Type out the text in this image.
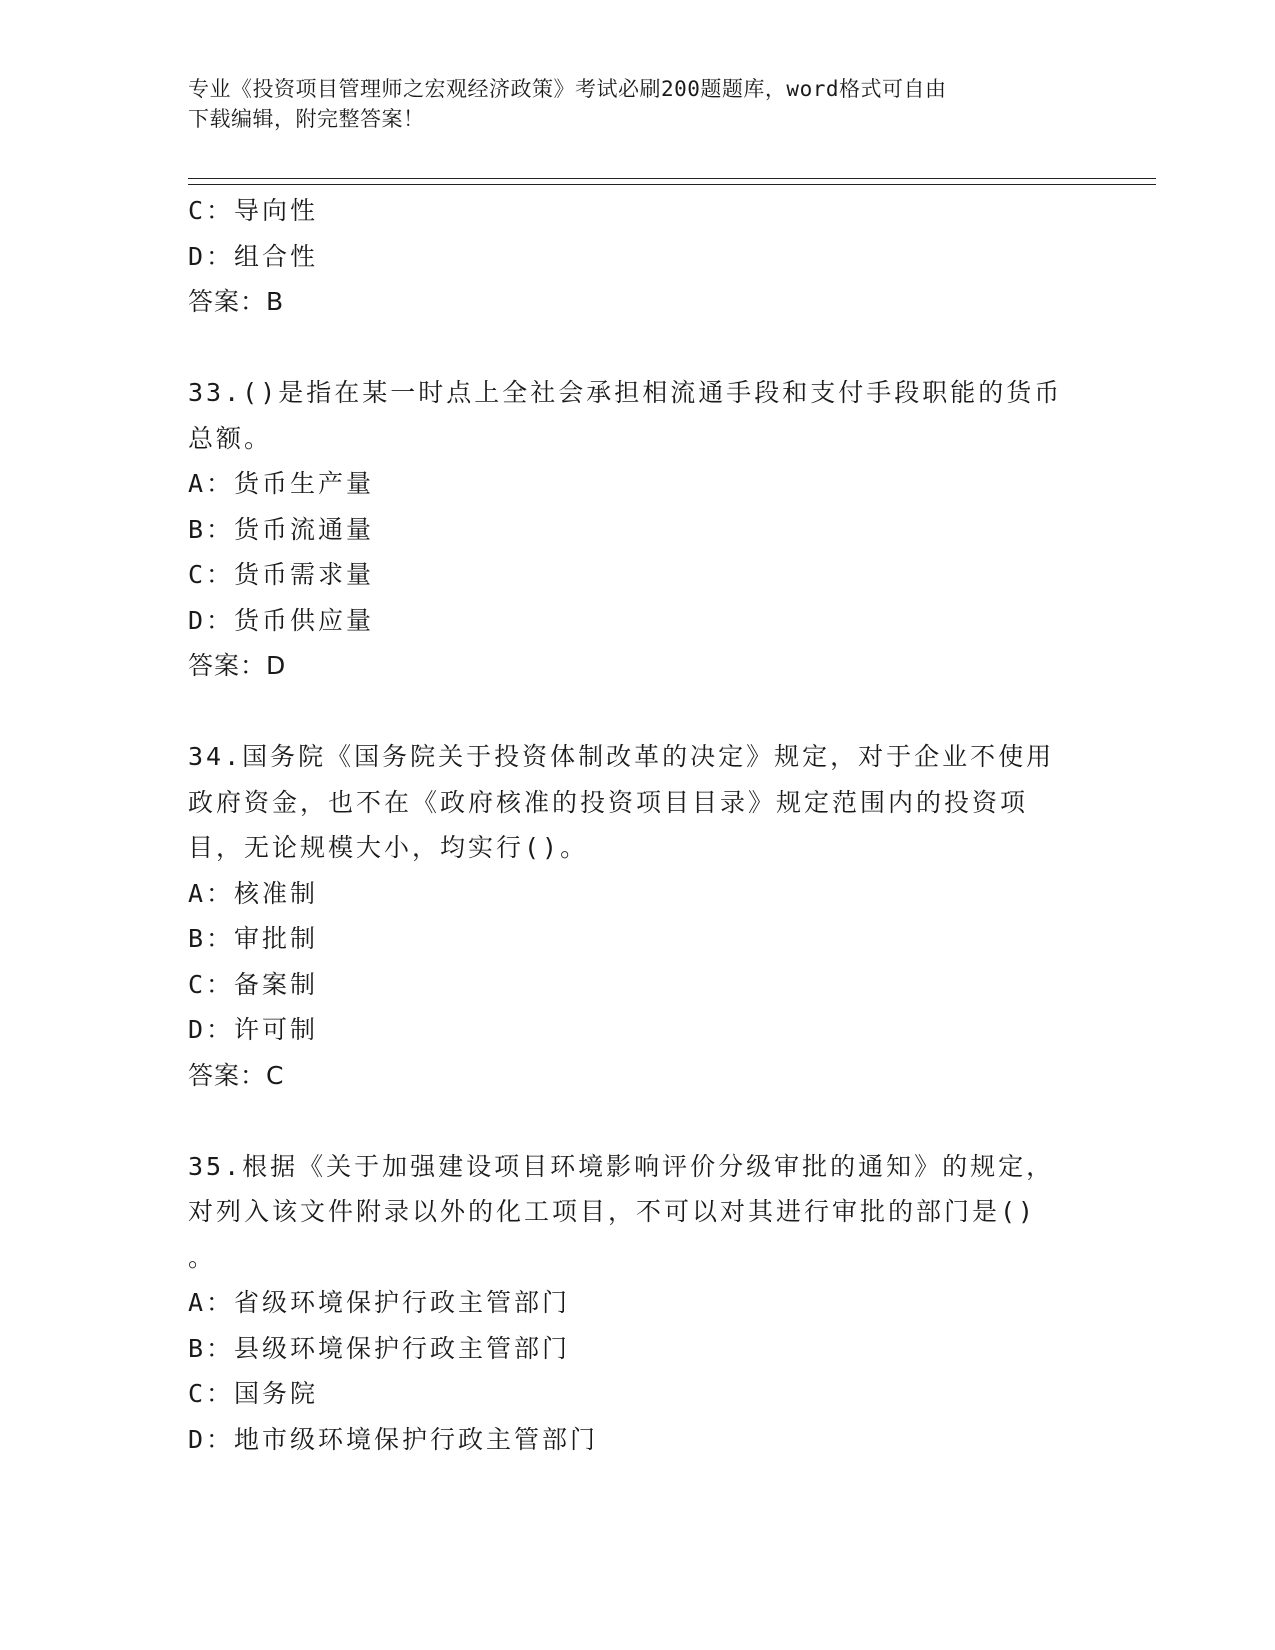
专业《投资项目管理师之宏观经济政策》考试必刷200题题库，word格式可自由
下载编辑，附完整答案！
C：导向性
D：组合性
答案：B
33.()是指在某一时点上全社会承担相流通手段和支付手段职能的货币
总额。
A：货币生产量
B：货币流通量
C：货币需求量
D：货币供应量
答案：D
34.国务院《国务院关于投资体制改革的决定》规定，对于企业不使用
政府资金，也不在《政府核准的投资项目目录》规定范围内的投资项
目，无论规模大小，均实行()。
A：核准制
B：审批制
C：备案制
D：许可制
答案：C
35.根据《关于加强建设项目环境影响评价分级审批的通知》的规定，
对列入该文件附录以外的化工项目，不可以对其进行审批的部门是()
。
A：省级环境保护行政主管部门
B：县级环境保护行政主管部门
C：国务院
D：地市级环境保护行政主管部门
